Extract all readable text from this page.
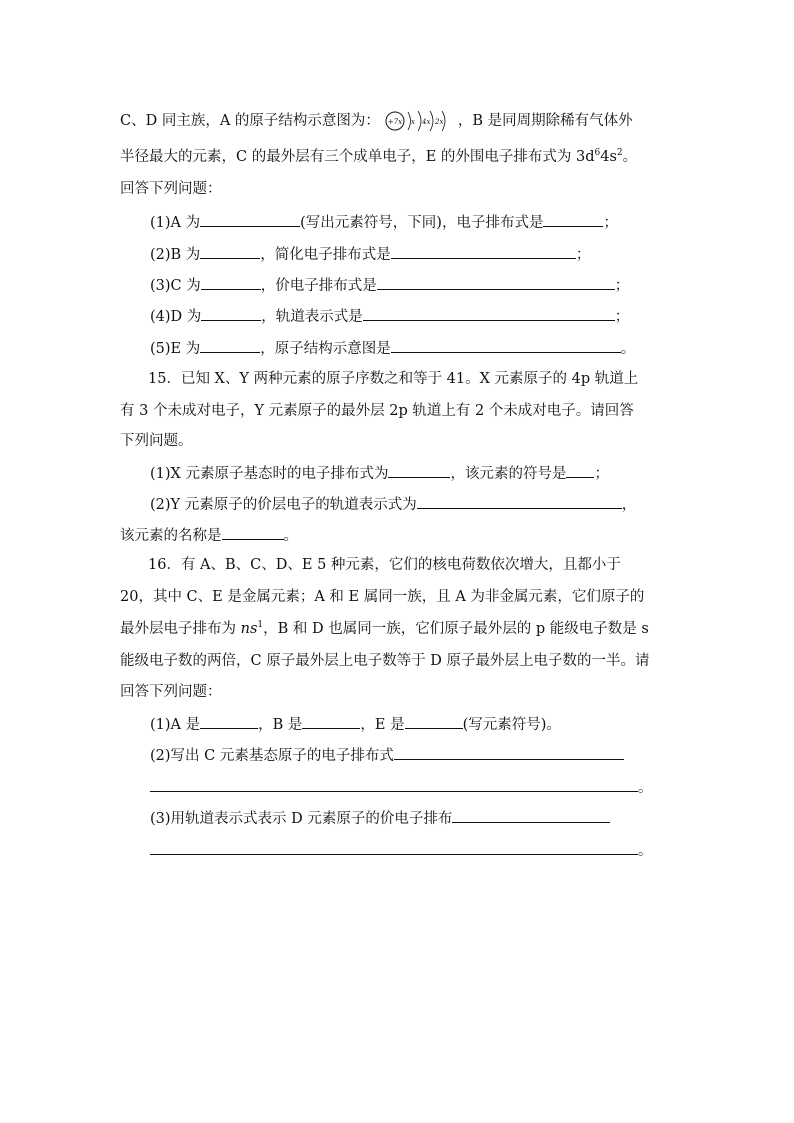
C、D 同主族，A 的原子结构示意图为： +7x x 4x 2x ，B 是同周期除稀有气体外
半径最大的元素，C 的最外层有三个成单电子，E 的外围电子排布式为 $3d^64s^2$。
回答下列问题：
(1)A 为	(写出元素符号，下同)，电子排布式是	；
(2)B 为	，简化电子排布式是	；
(3)C 为	，价电子排布式是	；
(4)D 为	，轨道表示式是	；
(5)E 为	，原子结构示意图是	。
15．已知 X、Y 两种元素的原子序数之和等于 41。X 元素原子的 4p 轨道上
有 3 个未成对电子，Y 元素原子的最外层 2p 轨道上有 2 个未成对电子。请回答
下列问题。
(1)X 元素原子基态时的电子排布式为	，该元素的符号是 ；
(2)Y 元素原子的价层电子的轨道表示式为	，
该元素的名称是	。
16．有 A、B、C、D、E 5 种元素，它们的核电荷数依次增大，且都小于
20，其中 C、E 是金属元素；A 和 E 属同一族，且 A 为非金属元素，它们原子的
最外层电子排布为 $ns^1$，B 和 D 也属同一族，它们原子最外层的 p 能级电子数是 s
能级电子数的两倍，C 原子最外层上电子数等于 D 原子最外层上电子数的一半。请
回答下列问题：
(1)A 是	，B 是	，E 是	(写元素符号)。
(2)写出 C 元素基态原子的电子排布式
。
(3)用轨道表示式表示 D 元素原子的价电子排布
。
